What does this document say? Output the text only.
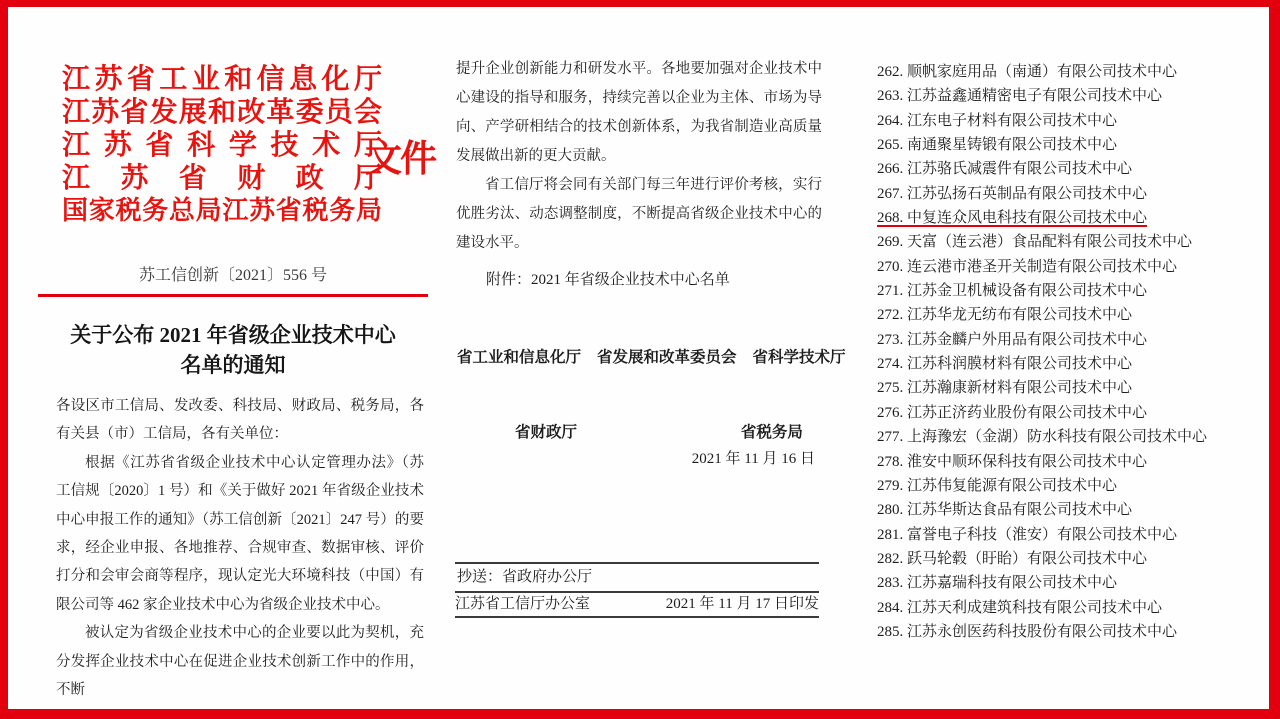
江苏省工业和信息化厅
江苏省发展和改革委员会
江苏省科学技术厅
江苏省财政厅
国家税务总局江苏省税务局
文件
苏工信创新〔2021〕556 号
关于公布 2021 年省级企业技术中心
名单的通知

各设区市工信局、发改委、科技局、财政局、税务局，各有关县（市）工信局，各有关单位：

根据《江苏省省级企业技术中心认定管理办法》（苏工信规〔2020〕1 号）和《关于做好 2021 年省级企业技术中心申报工作的通知》（苏工信创新〔2021〕247 号）的要求，经企业申报、各地推荐、合规审查、数据审核、评价打分和会审会商等程序，现认定光大环境科技（中国）有限公司等 462 家企业技术中心为省级企业技术中心。

被认定为省级企业技术中心的企业要以此为契机，充分发挥企业技术中心在促进企业技术创新工作中的作用，不断

提升企业创新能力和研发水平。各地要加强对企业技术中心建设的指导和服务，持续完善以企业为主体、市场为导向、产学研相结合的技术创新体系，为我省制造业高质量发展做出新的更大贡献。

省工信厅将会同有关部门每三年进行评价考核，实行优胜劣汰、动态调整制度，不断提高省级企业技术中心的建设水平。

附件：2021 年省级企业技术中心名单
省工业和信息化厅 省发展和改革委员会 省科学技术厅
省财政厅	省税务局
2021 年 11 月 16 日
抄送：省政府办公厅
江苏省工信厅办公室	2021 年 11 月 17 日印发
262. 顺帆家庭用品（南通）有限公司技术中心
263. 江苏益鑫通精密电子有限公司技术中心
264. 江东电子材料有限公司技术中心
265. 南通聚星铸锻有限公司技术中心
266. 江苏骆氏减震件有限公司技术中心
267. 江苏弘扬石英制品有限公司技术中心
268. 中复连众风电科技有限公司技术中心
269. 天富（连云港）食品配料有限公司技术中心
270. 连云港市港圣开关制造有限公司技术中心
271. 江苏金卫机械设备有限公司技术中心
272. 江苏华龙无纺布有限公司技术中心
273. 江苏金麟户外用品有限公司技术中心
274. 江苏科润膜材料有限公司技术中心
275. 江苏瀚康新材料有限公司技术中心
276. 江苏正济药业股份有限公司技术中心
277. 上海豫宏（金湖）防水科技有限公司技术中心
278. 淮安中顺环保科技有限公司技术中心
279. 江苏伟复能源有限公司技术中心
280. 江苏华斯达食品有限公司技术中心
281. 富誉电子科技（淮安）有限公司技术中心
282. 跃马轮毂（盱眙）有限公司技术中心
283. 江苏嘉瑞科技有限公司技术中心
284. 江苏天利成建筑科技有限公司技术中心
285. 江苏永创医药科技股份有限公司技术中心
